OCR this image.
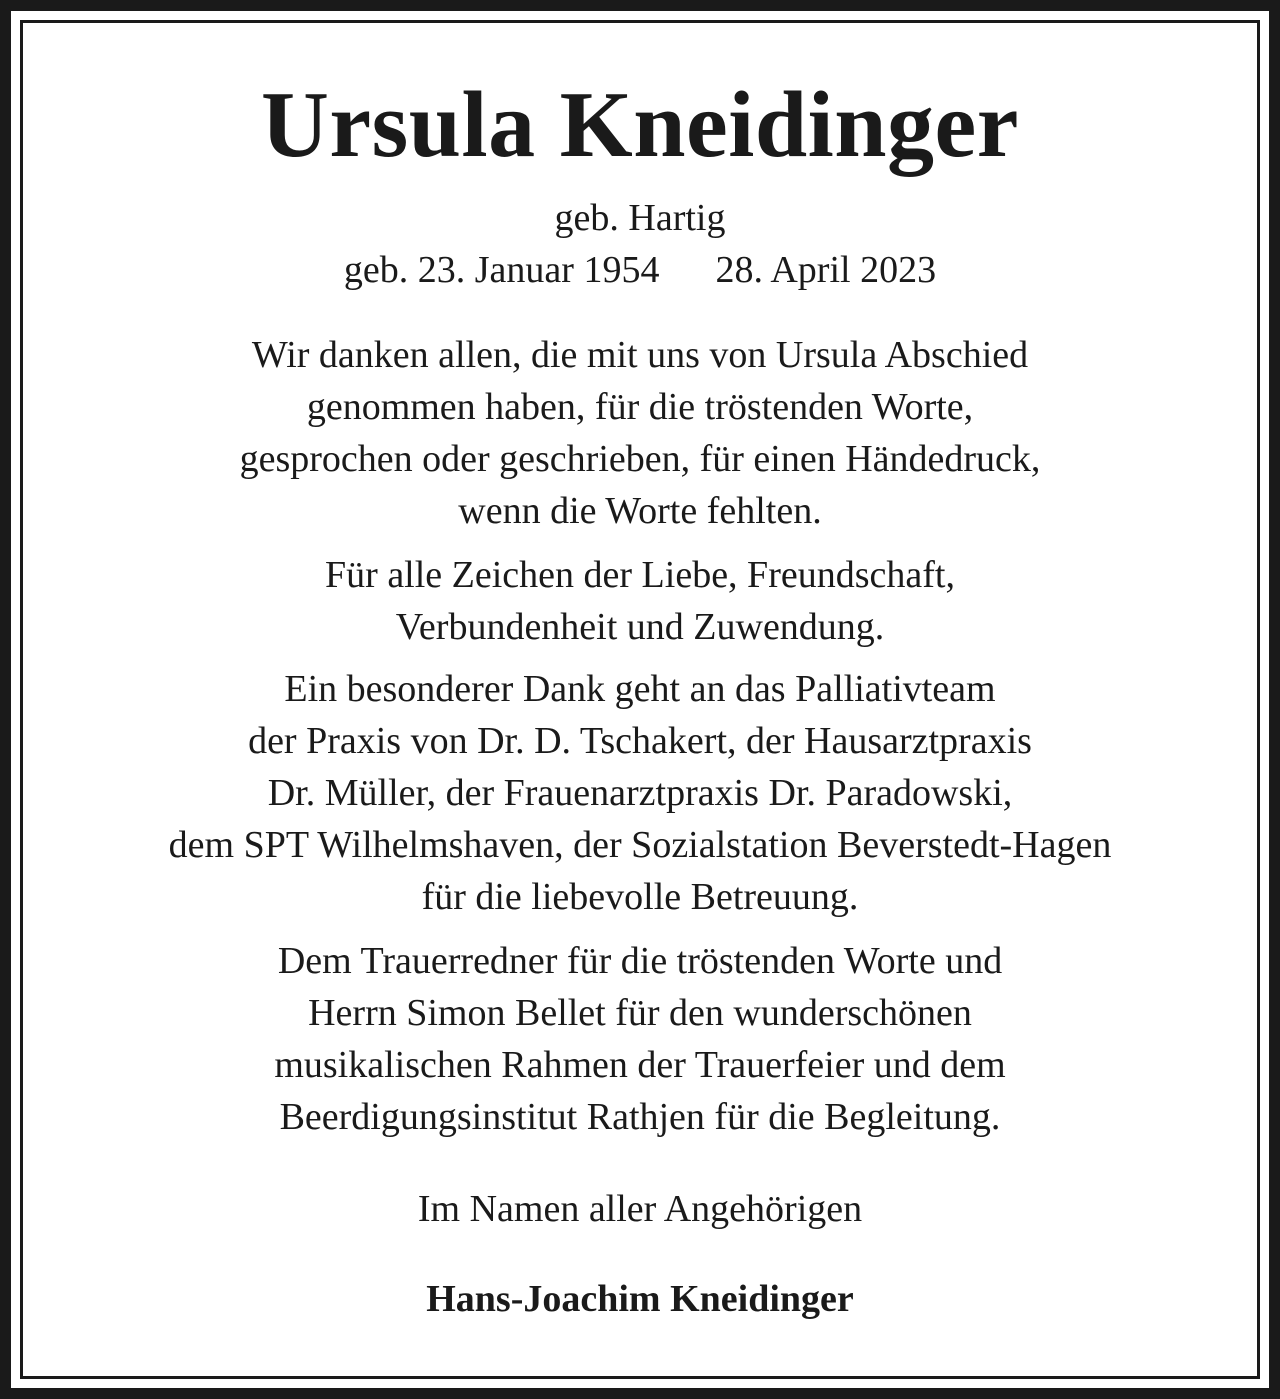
Ursula Kneidinger
geb. Hartig
geb. 23. Januar 1954 28. April 2023
Wir danken allen, die mit uns von Ursula Abschied
genommen haben, für die tröstenden Worte,
gesprochen oder geschrieben, für einen Händedruck,
wenn die Worte fehlten.
Für alle Zeichen der Liebe, Freundschaft,
Verbundenheit und Zuwendung.
Ein besonderer Dank geht an das Palliativteam
der Praxis von Dr. D. Tschakert, der Hausarztpraxis
Dr. Müller, der Frauenarztpraxis Dr. Paradowski,
dem SPT Wilhelmshaven, der Sozialstation Beverstedt-Hagen
für die liebevolle Betreuung.
Dem Trauerredner für die tröstenden Worte und
Herrn Simon Bellet für den wunderschönen
musikalischen Rahmen der Trauerfeier und dem
Beerdigungsinstitut Rathjen für die Begleitung.
Im Namen aller Angehörigen
Hans-Joachim Kneidinger
